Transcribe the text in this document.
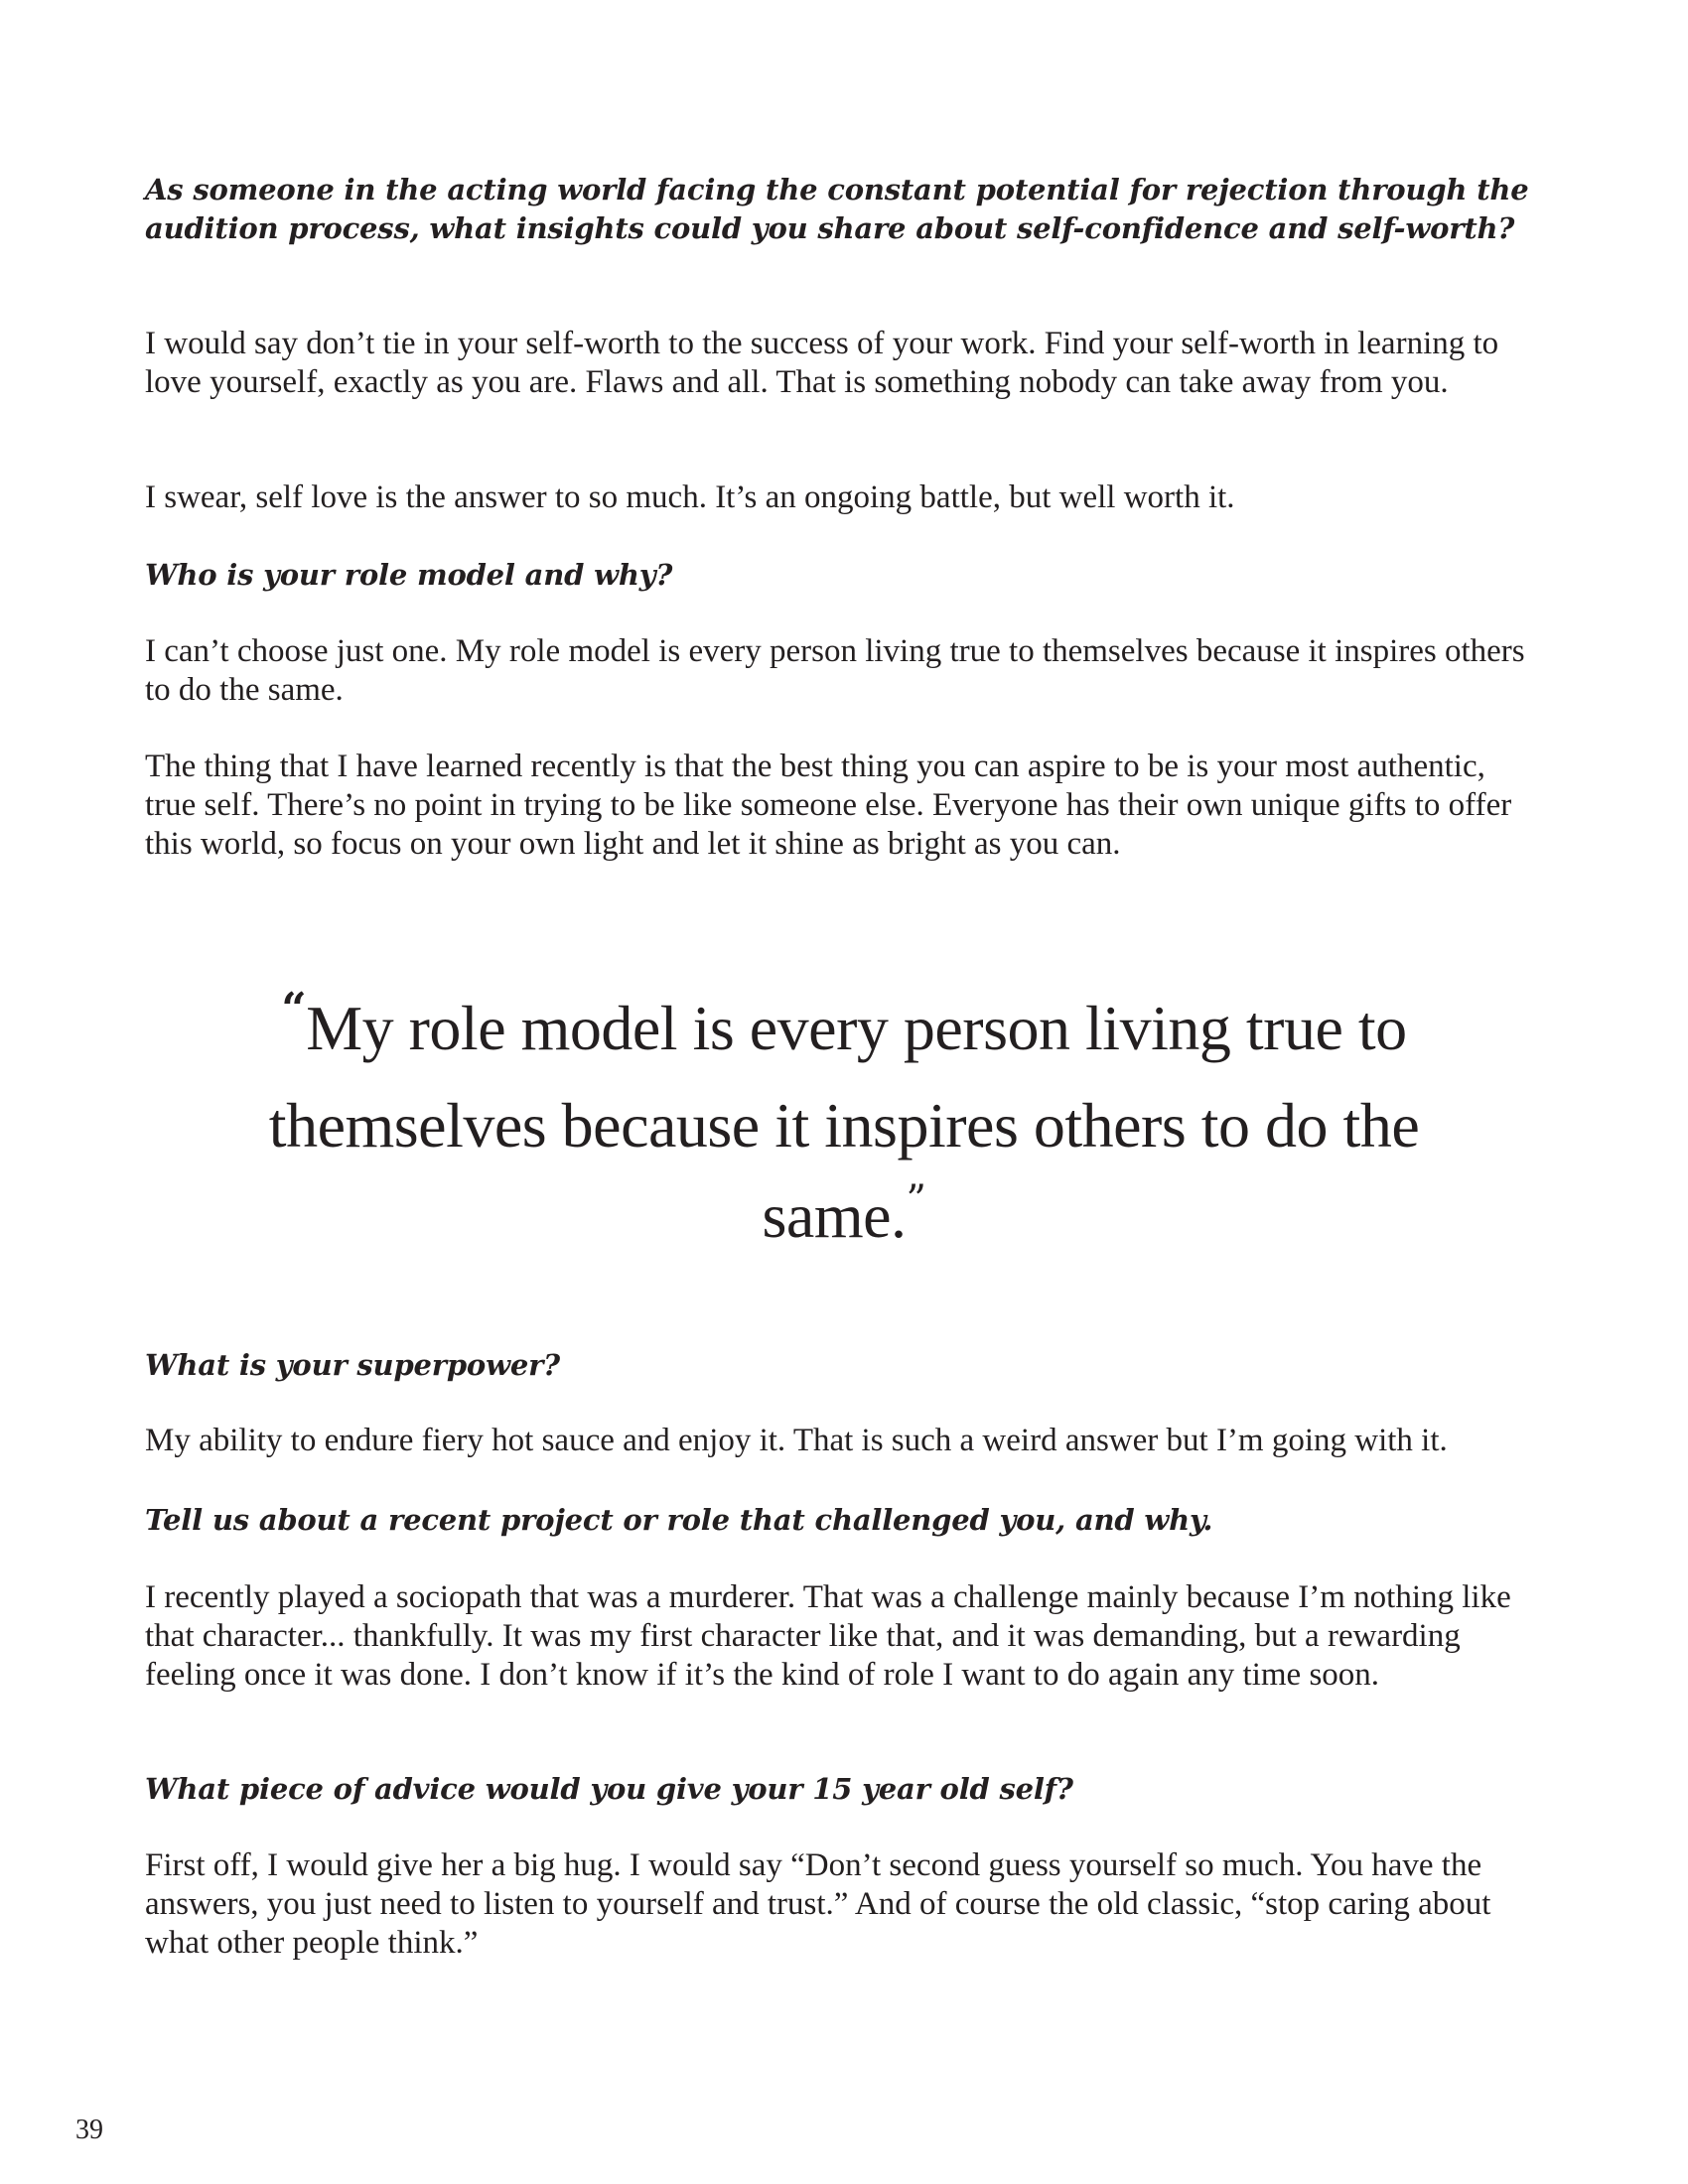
As someone in the acting world facing the constant potential for rejection through the audition process, what insights could you share about self-confidence and self-worth?

I would say don’t tie in your self-worth to the success of your work. Find your self-worth in learning to love yourself, exactly as you are. Flaws and all. That is something nobody can take away from you.

I swear, self love is the answer to so much. It’s an ongoing battle, but well worth it.

Who is your role model and why?

I can’t choose just one. My role model is every person living true to themselves because it inspires others to do the same.

The thing that I have learned recently is that the best thing you can aspire to be is your most authentic, true self. There’s no point in trying to be like someone else. Everyone has their own unique gifts to offer this world, so focus on your own light and let it shine as bright as you can.

“My role model is every person living true to themselves because it inspires others to do the same.”

What is your superpower?

My ability to endure fiery hot sauce and enjoy it. That is such a weird answer but I’m going with it.

Tell us about a recent project or role that challenged you, and why.

I recently played a sociopath that was a murderer. That was a challenge mainly because I’m nothing like that character... thankfully. It was my first character like that, and it was demanding, but a rewarding feeling once it was done. I don’t know if it’s the kind of role I want to do again any time soon.

What piece of advice would you give your 15 year old self?

First off, I would give her a big hug. I would say “Don’t second guess yourself so much. You have the answers, you just need to listen to yourself and trust.” And of course the old classic, “stop caring about what other people think.”

39
